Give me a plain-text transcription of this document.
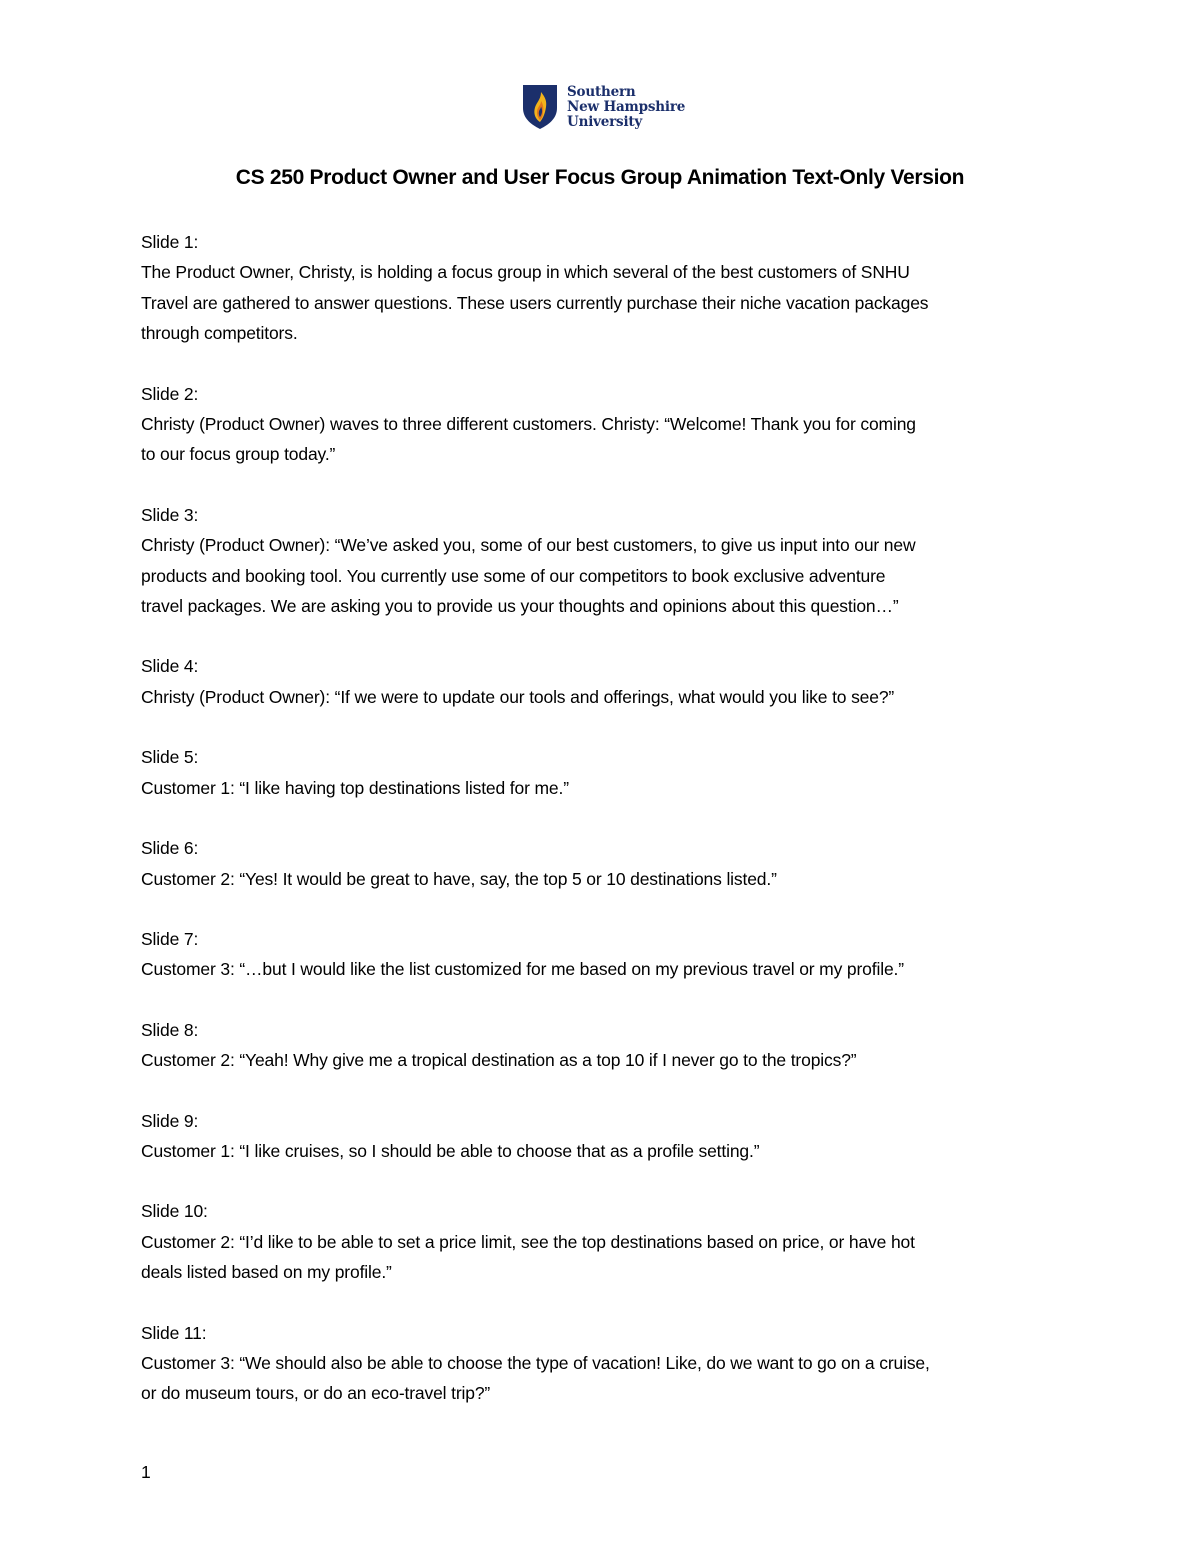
Southern
New Hampshire
University
CS 250 Product Owner and User Focus Group Animation Text-Only Version
Slide 1:
The Product Owner, Christy, is holding a focus group in which several of the best customers of SNHU
Travel are gathered to answer questions. These users currently purchase their niche vacation packages
through competitors.
Slide 2:
Christy (Product Owner) waves to three different customers. Christy: “Welcome! Thank you for coming
to our focus group today.”
Slide 3:
Christy (Product Owner): “We’ve asked you, some of our best customers, to give us input into our new
products and booking tool. You currently use some of our competitors to book exclusive adventure
travel packages. We are asking you to provide us your thoughts and opinions about this question…”
Slide 4:
Christy (Product Owner): “If we were to update our tools and offerings, what would you like to see?”
Slide 5:
Customer 1: “I like having top destinations listed for me.”
Slide 6:
Customer 2: “Yes! It would be great to have, say, the top 5 or 10 destinations listed.”
Slide 7:
Customer 3: “…but I would like the list customized for me based on my previous travel or my profile.”
Slide 8:
Customer 2: “Yeah! Why give me a tropical destination as a top 10 if I never go to the tropics?”
Slide 9:
Customer 1: “I like cruises, so I should be able to choose that as a profile setting.”
Slide 10:
Customer 2: “I’d like to be able to set a price limit, see the top destinations based on price, or have hot
deals listed based on my profile.”
Slide 11:
Customer 3: “We should also be able to choose the type of vacation! Like, do we want to go on a cruise,
or do museum tours, or do an eco-travel trip?”
1
